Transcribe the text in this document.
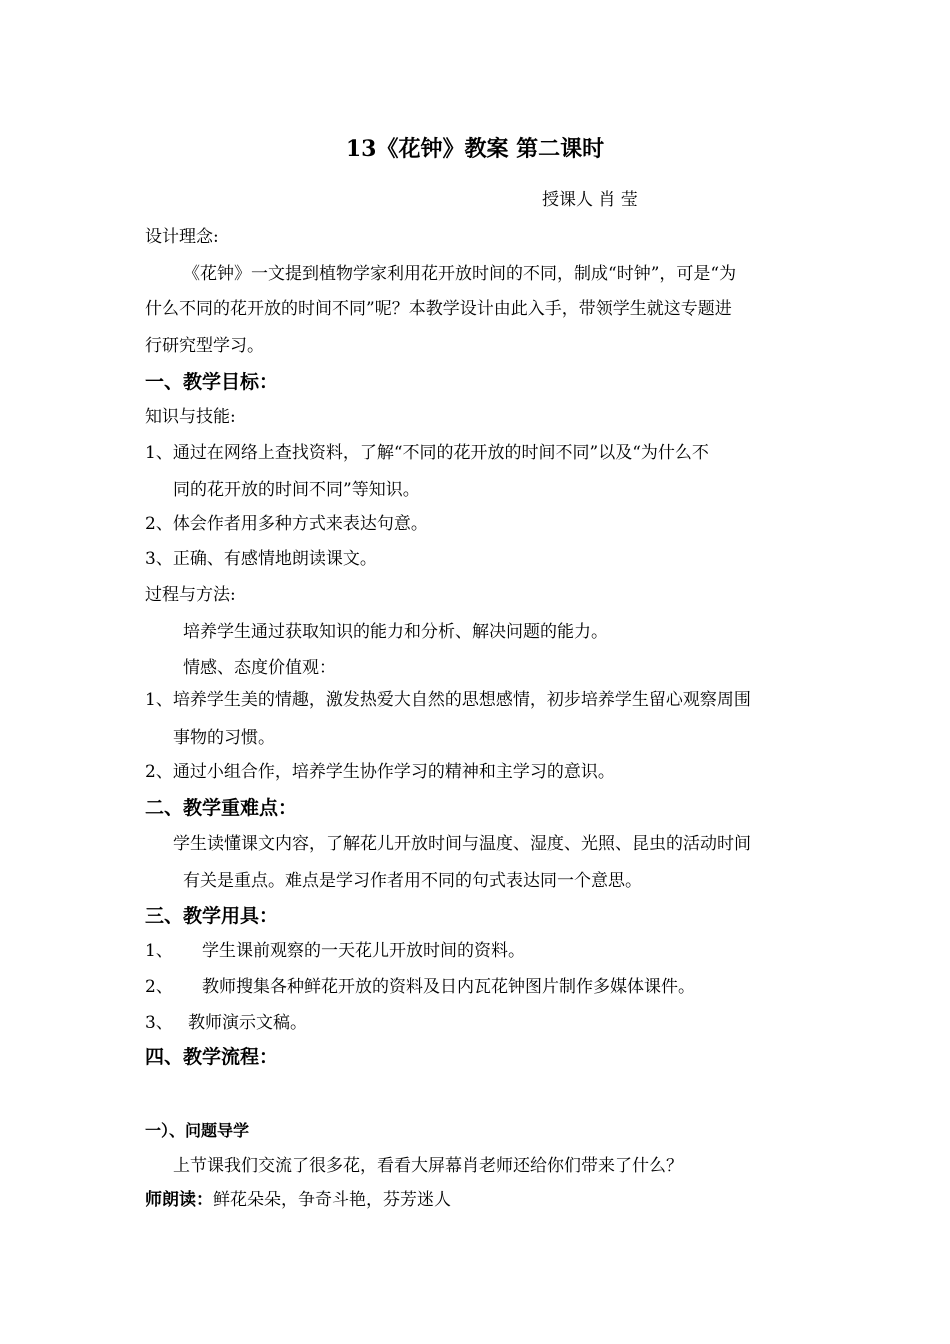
13《花钟》教案 第二课时
授课人 肖 莹
设计理念:
《花钟》一文提到植物学家利用花开放时间的不同，制成“时钟”，可是“为
什么不同的花开放的时间不同”呢？本教学设计由此入手，带领学生就这专题进
行研究型学习。
一、教学目标：
知识与技能:
1、通过在网络上查找资料，了解“不同的花开放的时间不同”以及“为什么不
同的花开放的时间不同”等知识。
2、体会作者用多种方式来表达句意。
3、正确、有感情地朗读课文。
过程与方法:
培养学生通过获取知识的能力和分析、解决问题的能力。
情感、态度价值观：
1、培养学生美的情趣，激发热爱大自然的思想感情，初步培养学生留心观察周围
事物的习惯。
2、通过小组合作，培养学生协作学习的精神和主学习的意识。
二、教学重难点：
学生读懂课文内容，了解花儿开放时间与温度、湿度、光照、昆虫的活动时间
有关是重点。难点是学习作者用不同的句式表达同一个意思。
三、教学用具：
1、 学生课前观察的一天花儿开放时间的资料。
2、 教师搜集各种鲜花开放的资料及日内瓦花钟图片制作多媒体课件。
3、 教师演示文稿。
四、教学流程：
一）、问题导学
上节课我们交流了很多花，看看大屏幕肖老师还给你们带来了什么？
师朗读：鲜花朵朵，争奇斗艳，芬芳迷人
